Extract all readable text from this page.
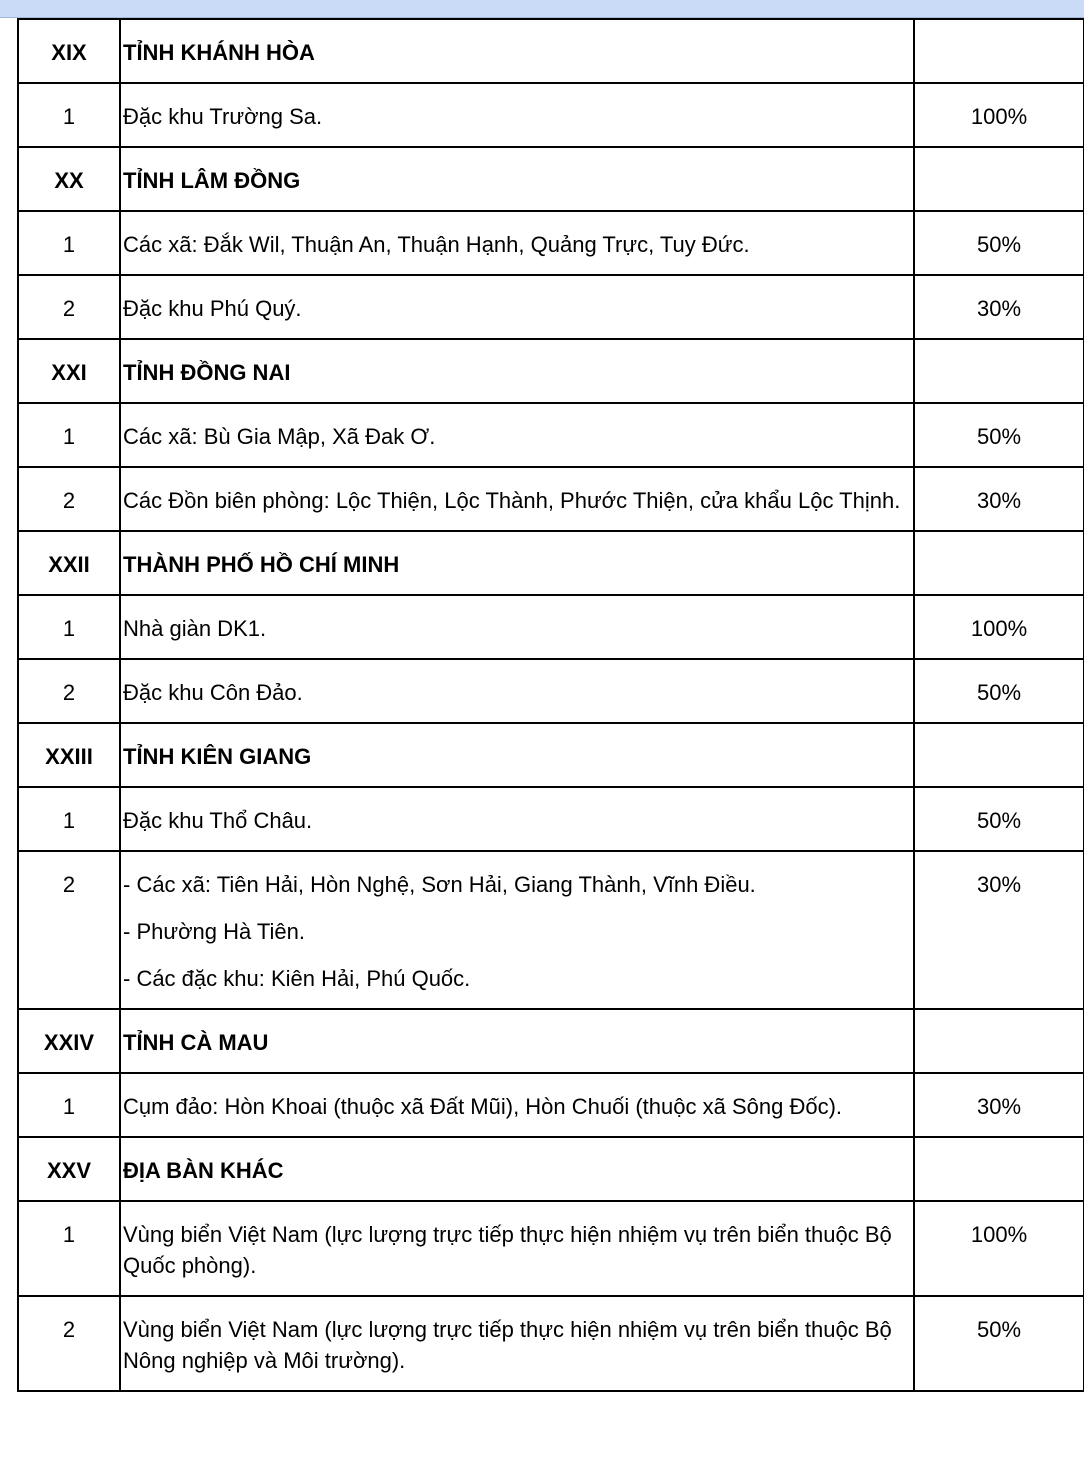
XIX	TỈNH KHÁNH HÒA	
1	Đặc khu Trường Sa.	100%
XX	TỈNH LÂM ĐỒNG	
1	Các xã: Đắk Wil, Thuận An, Thuận Hạnh, Quảng Trực, Tuy Đức.	50%
2	Đặc khu Phú Quý.	30%
XXI	TỈNH ĐỒNG NAI	
1	Các xã: Bù Gia Mập, Xã Đak Ơ.	50%
2	Các Đồn biên phòng: Lộc Thiện, Lộc Thành, Phước Thiện, cửa khẩu Lộc Thịnh.	30%
XXII	THÀNH PHỐ HỒ CHÍ MINH	
1	Nhà giàn DK1.	100%
2	Đặc khu Côn Đảo.	50%
XXIII	TỈNH KIÊN GIANG	
1	Đặc khu Thổ Châu.	50%
2	- Các xã: Tiên Hải, Hòn Nghệ, Sơn Hải, Giang Thành, Vĩnh Điều.
- Phường Hà Tiên.
- Các đặc khu: Kiên Hải, Phú Quốc.	30%
XXIV	TỈNH CÀ MAU	
1	Cụm đảo: Hòn Khoai (thuộc xã Đất Mũi), Hòn Chuối (thuộc xã Sông Đốc).	30%
XXV	ĐỊA BÀN KHÁC	
1	Vùng biển Việt Nam (lực lượng trực tiếp thực hiện nhiệm vụ trên biển thuộc Bộ Quốc phòng).	100%
2	Vùng biển Việt Nam (lực lượng trực tiếp thực hiện nhiệm vụ trên biển thuộc Bộ Nông nghiệp và Môi trường).	50%
